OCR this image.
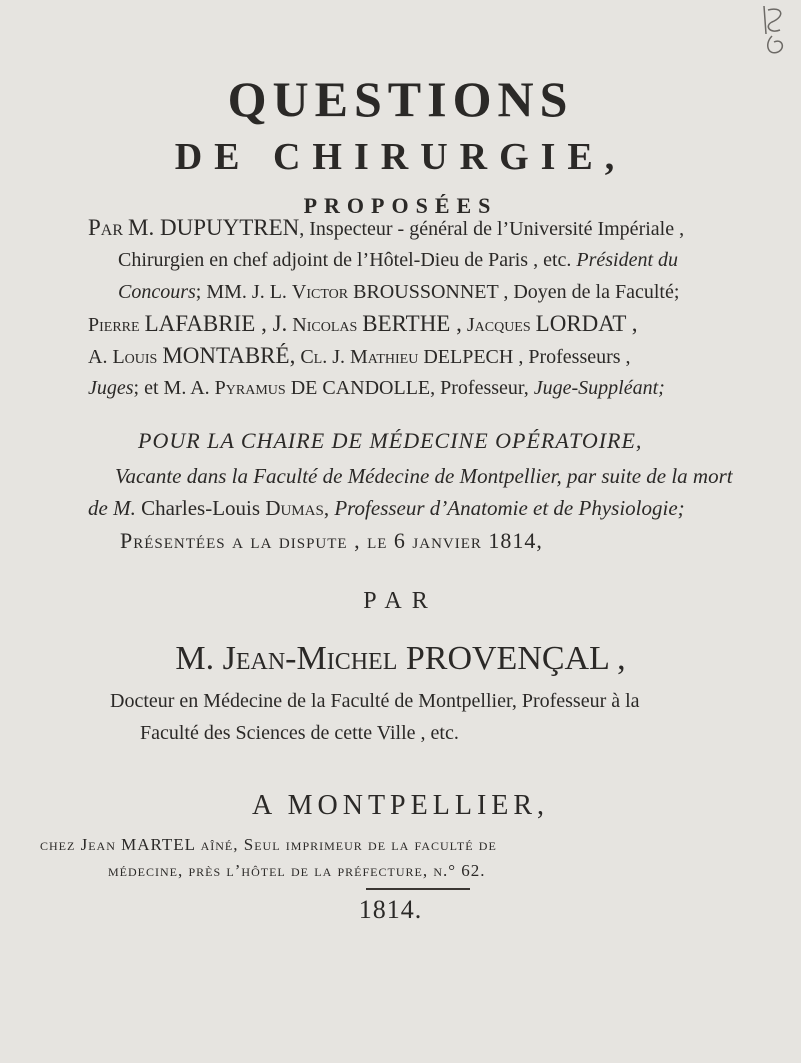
QUESTIONS
DE CHIRURGIE,
PROPOSÉES
Par M. DUPUYTREN, Inspecteur - général de l’Université Impériale ,
Chirurgien en chef adjoint de l’Hôtel-Dieu de Paris , etc. Président du
Concours; MM. J. L. Victor BROUSSONNET , Doyen de la Faculté;
Pierre LAFABRIE , J. Nicolas BERTHE , Jacques LORDAT ,
A. Louis MONTABRÉ, Cl. J. Mathieu DELPECH , Professeurs ,
Juges; et M. A. Pyramus DE CANDOLLE, Professeur, Juge-Suppléant;
POUR LA CHAIRE DE MÉDECINE OPÉRATOIRE,
Vacante dans la Faculté de Médecine de Montpellier, par suite de la mort
de M. Charles-Louis Dumas, Professeur d’Anatomie et de Physiologie;
Présentées a la dispute , le 6 janvier 1814,
PAR
M. Jean-Michel PROVENÇAL ,
Docteur en Médecine de la Faculté de Montpellier, Professeur à la
Faculté des Sciences de cette Ville , etc.
A MONTPELLIER,
chez Jean MARTEL aîné, Seul imprimeur de la faculté de
médecine, près l’hôtel de la préfecture, n.° 62.
1814.
